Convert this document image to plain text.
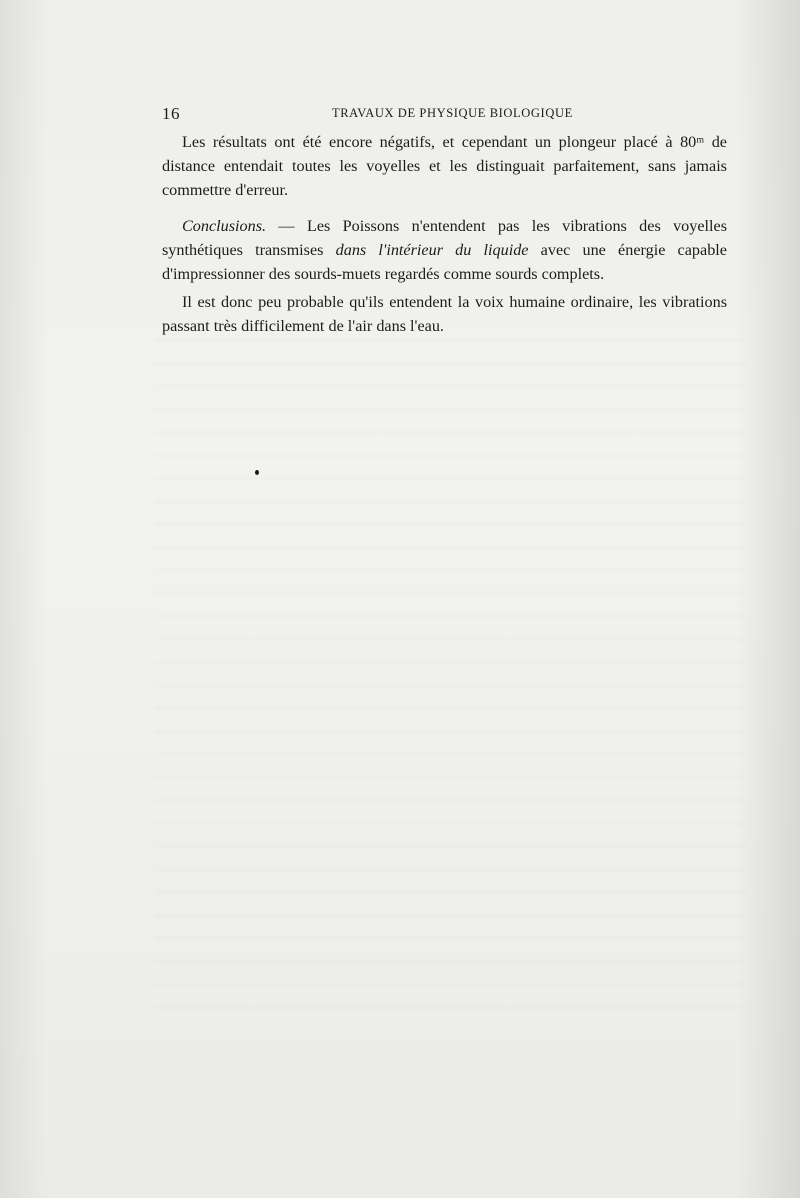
16	TRAVAUX DE PHYSIQUE BIOLOGIQUE

Les résultats ont été encore négatifs, et cependant un plongeur placé à 80ᵐ de distance entendait toutes les voyelles et les distinguait parfaitement, sans jamais commettre d'erreur.

Conclusions. — Les Poissons n'entendent pas les vibrations des voyelles synthétiques transmises dans l'intérieur du liquide avec une énergie capable d'impressionner des sourds-muets regardés comme sourds complets.

Il est donc peu probable qu'ils entendent la voix humaine ordinaire, les vibrations passant très difficilement de l'air dans l'eau.
